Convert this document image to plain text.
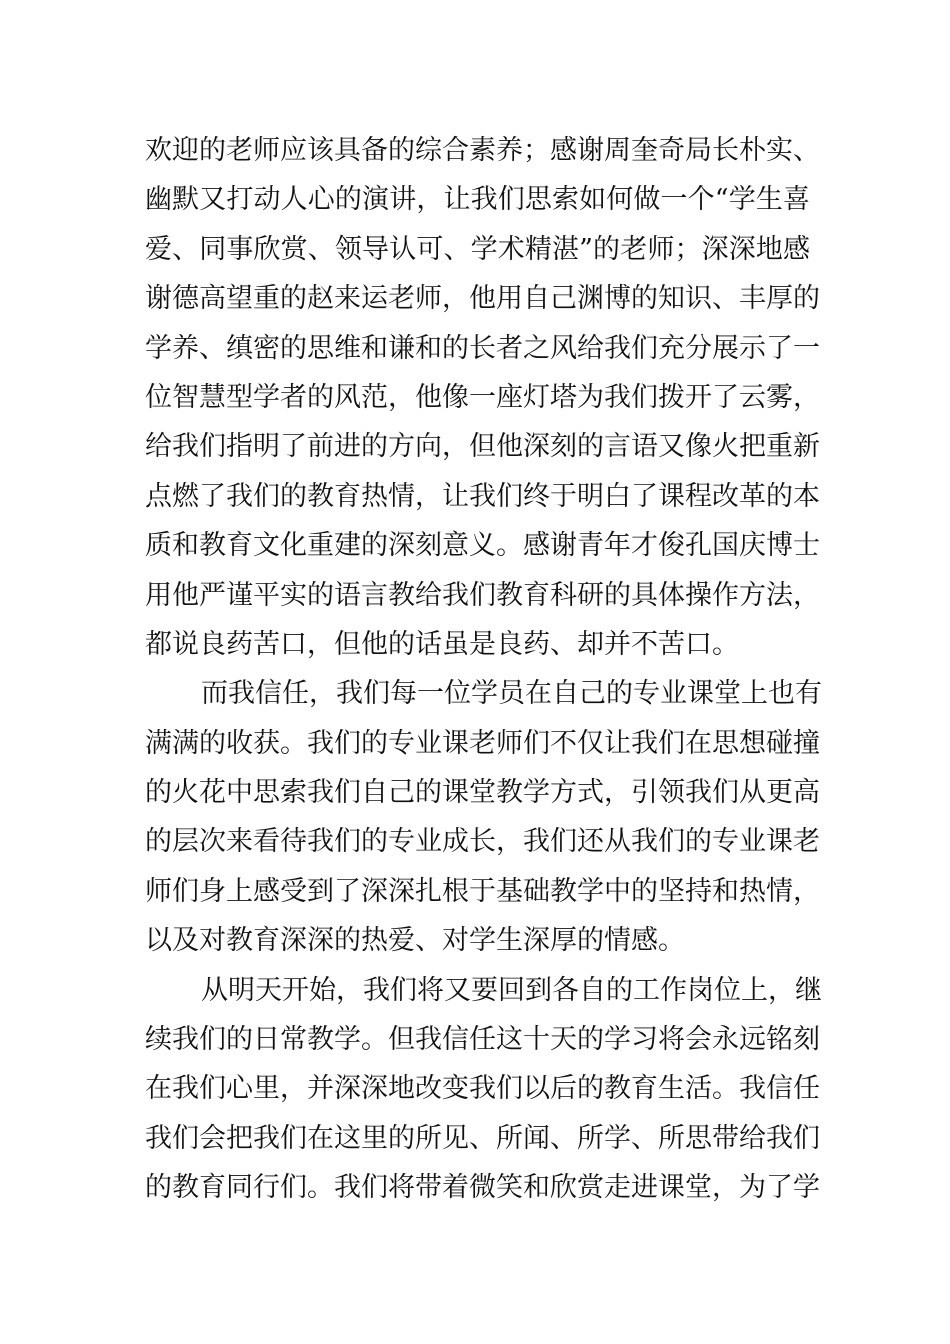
欢迎的老师应该具备的综合素养；感谢周奎奇局长朴实、
幽默又打动人心的演讲，让我们思索如何做一个“学生喜
爱、同事欣赏、领导认可、学术精湛”的老师；深深地感
谢德高望重的赵来运老师，他用自己渊博的知识、丰厚的
学养、缜密的思维和谦和的长者之风给我们充分展示了一
位智慧型学者的风范，他像一座灯塔为我们拨开了云雾，
给我们指明了前进的方向，但他深刻的言语又像火把重新
点燃了我们的教育热情，让我们终于明白了课程改革的本
质和教育文化重建的深刻意义。感谢青年才俊孔国庆博士
用他严谨平实的语言教给我们教育科研的具体操作方法，
都说良药苦口，但他的话虽是良药、却并不苦口。
而我信任，我们每一位学员在自己的专业课堂上也有
满满的收获。我们的专业课老师们不仅让我们在思想碰撞
的火花中思索我们自己的课堂教学方式，引领我们从更高
的层次来看待我们的专业成长，我们还从我们的专业课老
师们身上感受到了深深扎根于基础教学中的坚持和热情，
以及对教育深深的热爱、对学生深厚的情感。
从明天开始，我们将又要回到各自的工作岗位上，继
续我们的日常教学。但我信任这十天的学习将会永远铭刻
在我们心里，并深深地改变我们以后的教育生活。我信任
我们会把我们在这里的所见、所闻、所学、所思带给我们
的教育同行们。我们将带着微笑和欣赏走进课堂，为了学
